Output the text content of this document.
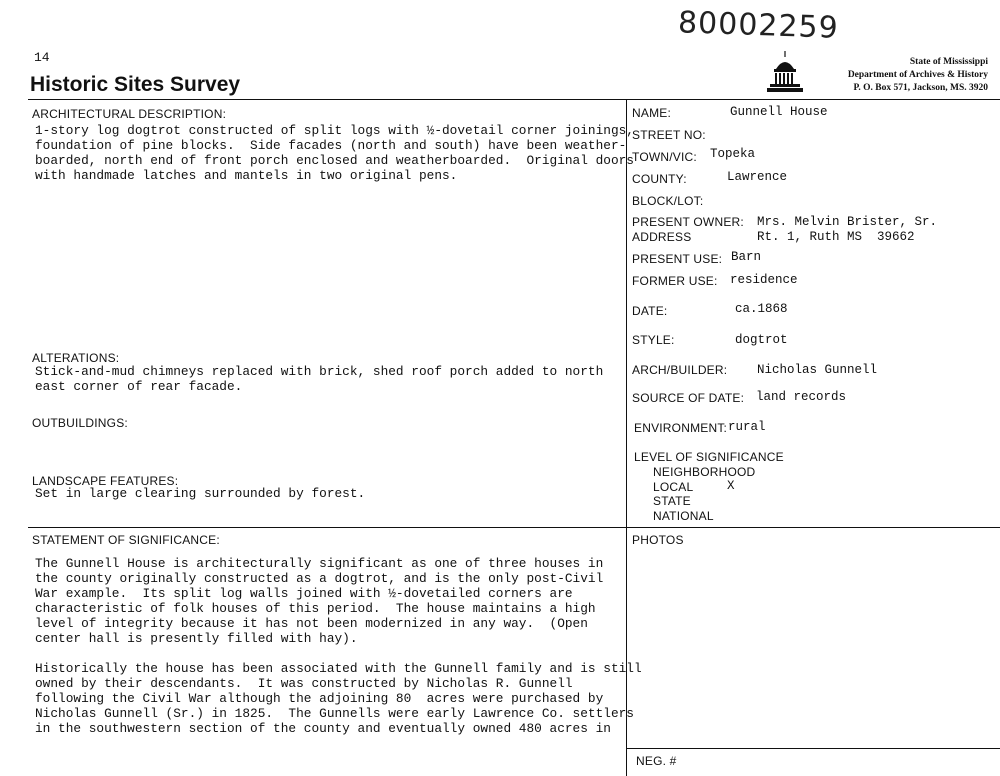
80002259
14
Historic Sites Survey
State of Mississippi
Department of Archives & History
P. O. Box 571, Jackson, MS. 3920
ARCHITECTURAL DESCRIPTION:
1-story log dogtrot constructed of split logs with ½-dovetail corner joinings,
foundation of pine blocks.  Side facades (north and south) have been weather-
boarded, north end of front porch enclosed and weatherboarded.  Original doors
with handmade latches and mantels in two original pens.
ALTERATIONS:
Stick-and-mud chimneys replaced with brick, shed roof porch added to north
east corner of rear facade.
OUTBUILDINGS:
LANDSCAPE FEATURES:
Set in large clearing surrounded by forest.
STATEMENT OF SIGNIFICANCE:
The Gunnell House is architecturally significant as one of three houses in
the county originally constructed as a dogtrot, and is the only post-Civil
War example.  Its split log walls joined with ½-dovetailed corners are
characteristic of folk houses of this period.  The house maintains a high
level of integrity because it has not been modernized in any way.  (Open
center hall is presently filled with hay).
Historically the house has been associated with the Gunnell family and is still
owned by their descendants.  It was constructed by Nicholas R. Gunnell
following the Civil War although the adjoining 80  acres were purchased by
Nicholas Gunnell (Sr.) in 1825.  The Gunnells were early Lawrence Co. settlers
in the southwestern section of the county and eventually owned 480 acres in
NAME:	Gunnell House
STREET NO:
TOWN/VIC: Topeka
COUNTY:	Lawrence
BLOCK/LOT:
PRESENT OWNER: Mrs. Melvin Brister, Sr.
ADDRESS	Rt. 1, Ruth MS  39662
PRESENT USE: Barn
FORMER USE: residence
DATE:	ca.1868
STYLE:	dogtrot
ARCH/BUILDER: Nicholas Gunnell
SOURCE OF DATE: land records
ENVIRONMENT: rural
LEVEL OF SIGNIFICANCE
NEIGHBORHOOD
LOCAL	X
STATE
NATIONAL
PHOTOS
NEG. #
